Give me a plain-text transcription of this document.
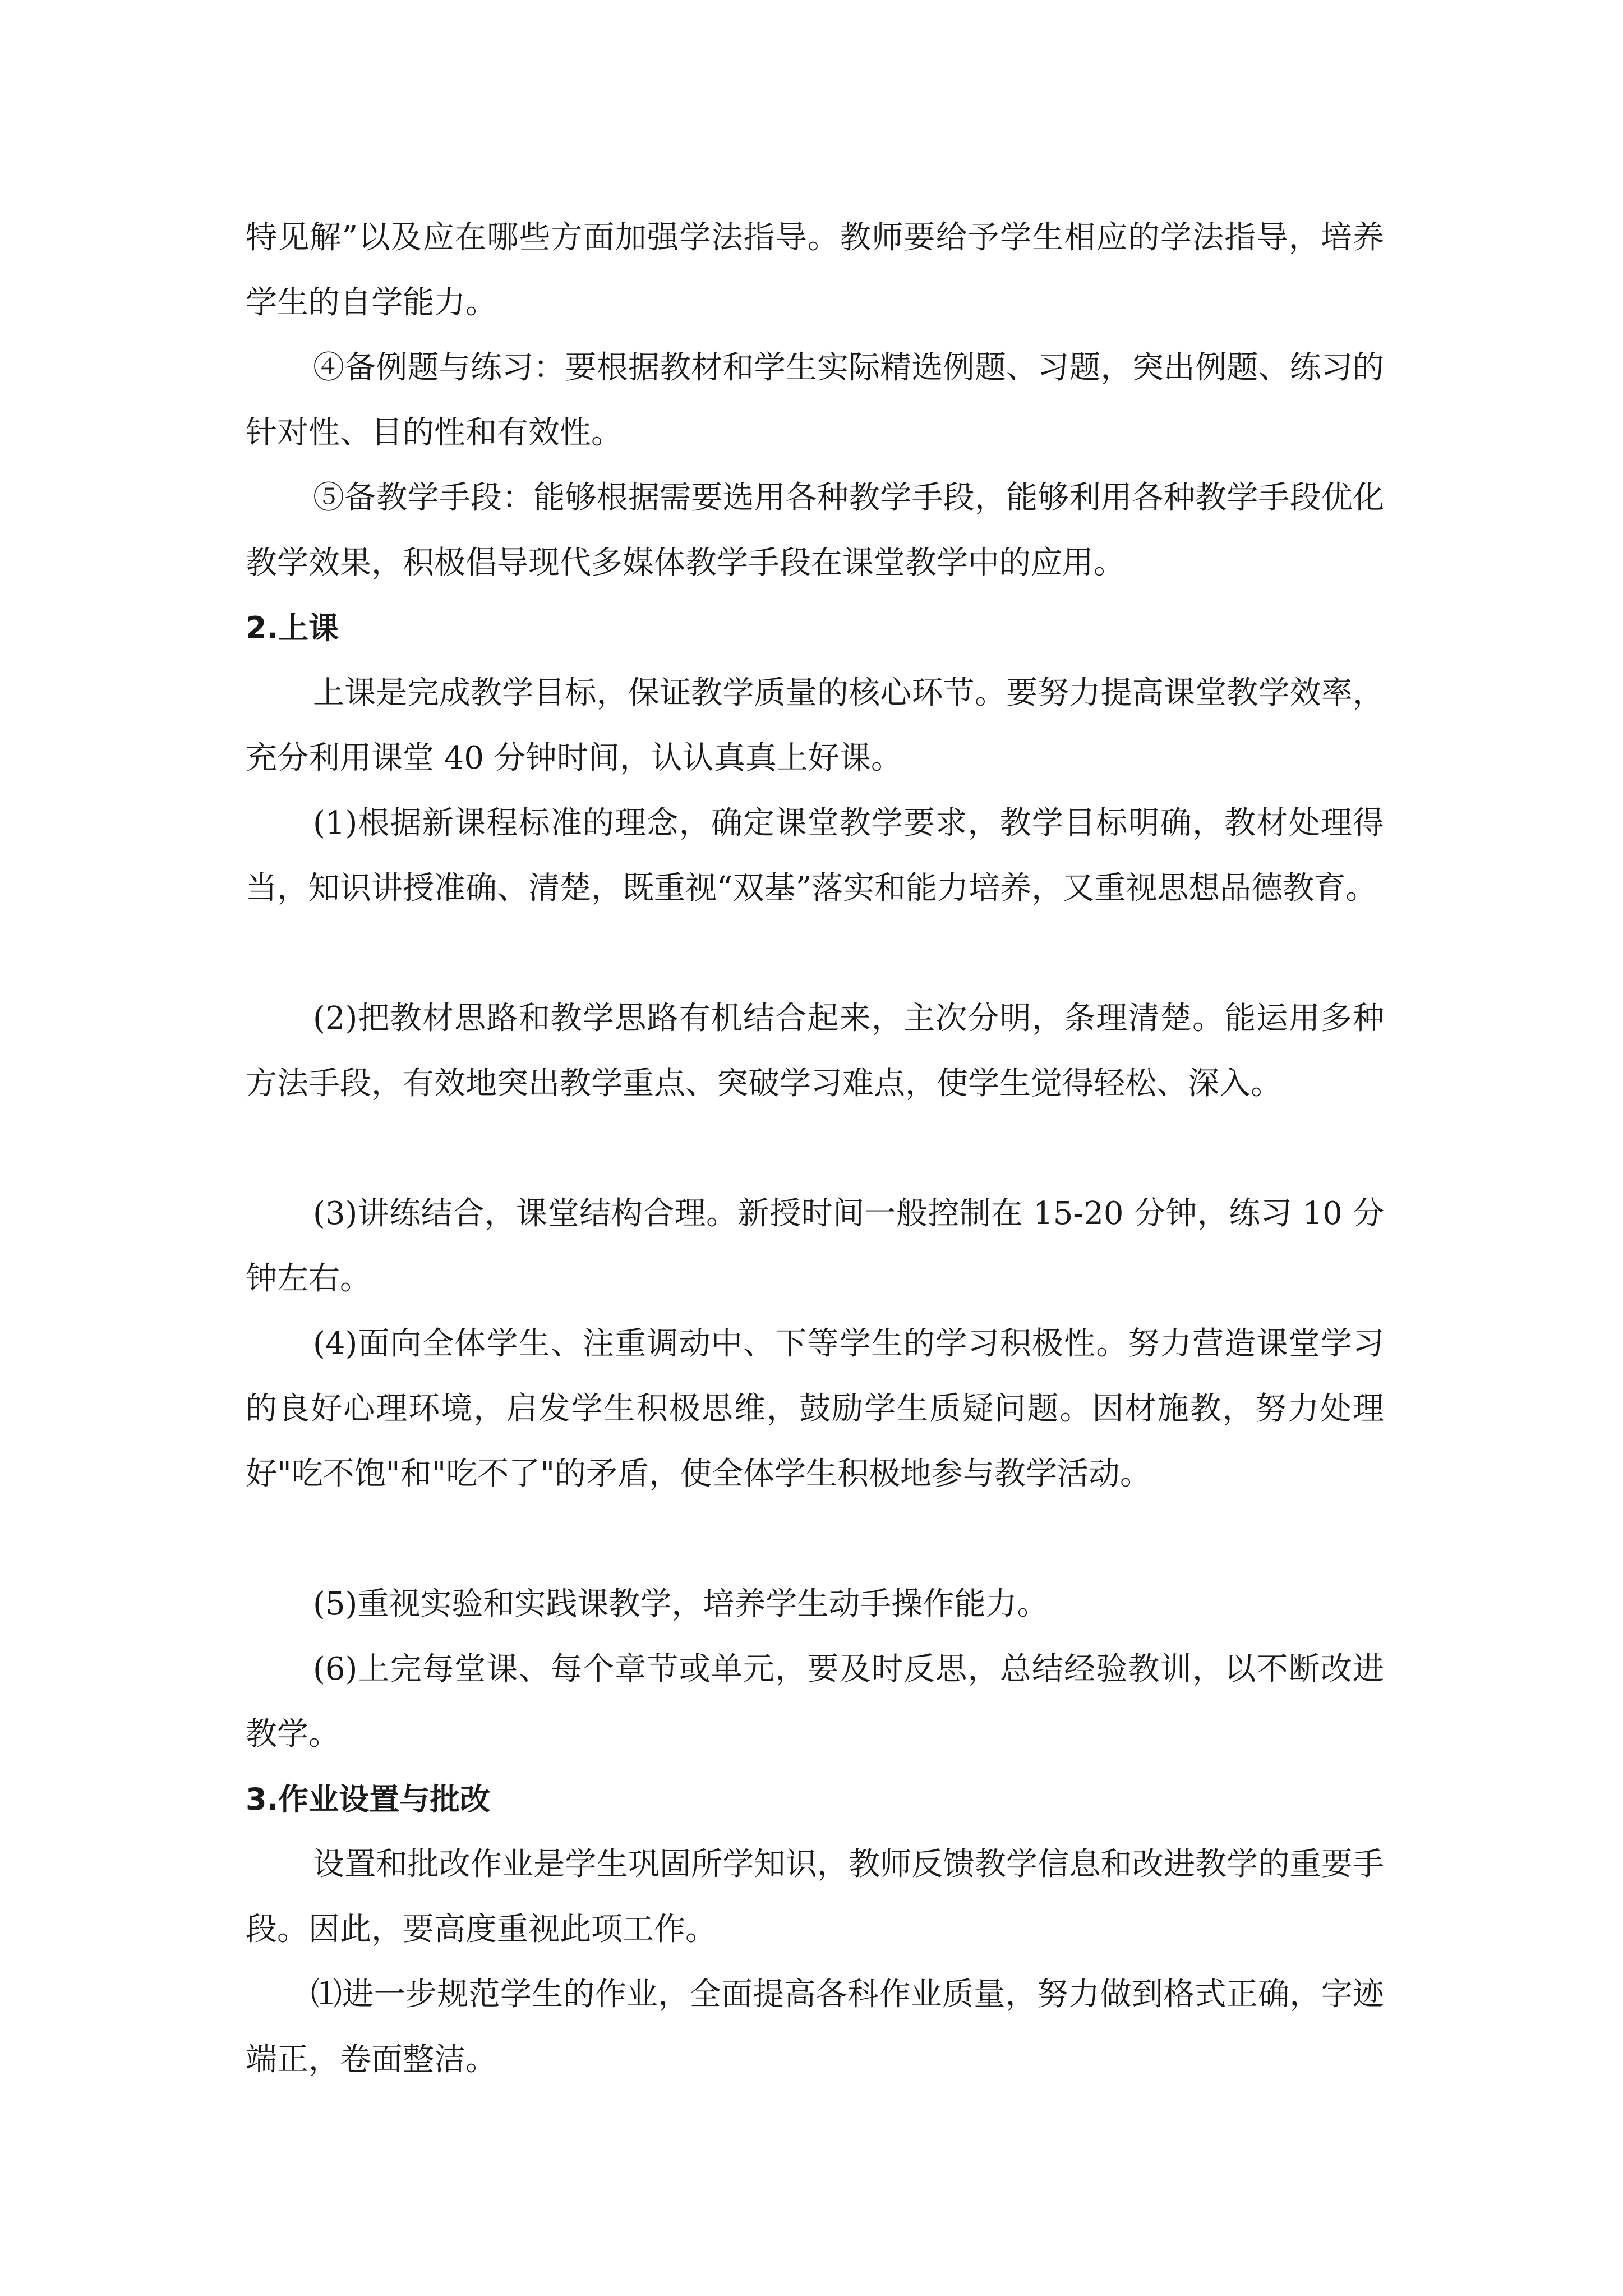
特见解”以及应在哪些方面加强学法指导。教师要给予学生相应的学法指导，培养学生的自学能力。

④备例题与练习：要根据教材和学生实际精选例题、习题，突出例题、练习的针对性、目的性和有效性。

⑤备教学手段：能够根据需要选用各种教学手段，能够利用各种教学手段优化教学效果，积极倡导现代多媒体教学手段在课堂教学中的应用。

2.上课

上课是完成教学目标，保证教学质量的核心环节。要努力提高课堂教学效率，充分利用课堂 40 分钟时间，认认真真上好课。

(1)根据新课程标准的理念，确定课堂教学要求，教学目标明确，教材处理得当，知识讲授准确、清楚，既重视“双基”落实和能力培养，又重视思想品德教育。

(2)把教材思路和教学思路有机结合起来，主次分明，条理清楚。能运用多种方法手段，有效地突出教学重点、突破学习难点，使学生觉得轻松、深入。

(3)讲练结合，课堂结构合理。新授时间一般控制在 15-20 分钟，练习 10 分钟左右。

(4)面向全体学生、注重调动中、下等学生的学习积极性。努力营造课堂学习的良好心理环境，启发学生积极思维，鼓励学生质疑问题。因材施教，努力处理好"吃不饱"和"吃不了"的矛盾，使全体学生积极地参与教学活动。

(5)重视实验和实践课教学，培养学生动手操作能力。

(6)上完每堂课、每个章节或单元，要及时反思，总结经验教训，以不断改进教学。

3.作业设置与批改

设置和批改作业是学生巩固所学知识，教师反馈教学信息和改进教学的重要手段。因此，要高度重视此项工作。

⑴进一步规范学生的作业，全面提高各科作业质量，努力做到格式正确，字迹端正，卷面整洁。
